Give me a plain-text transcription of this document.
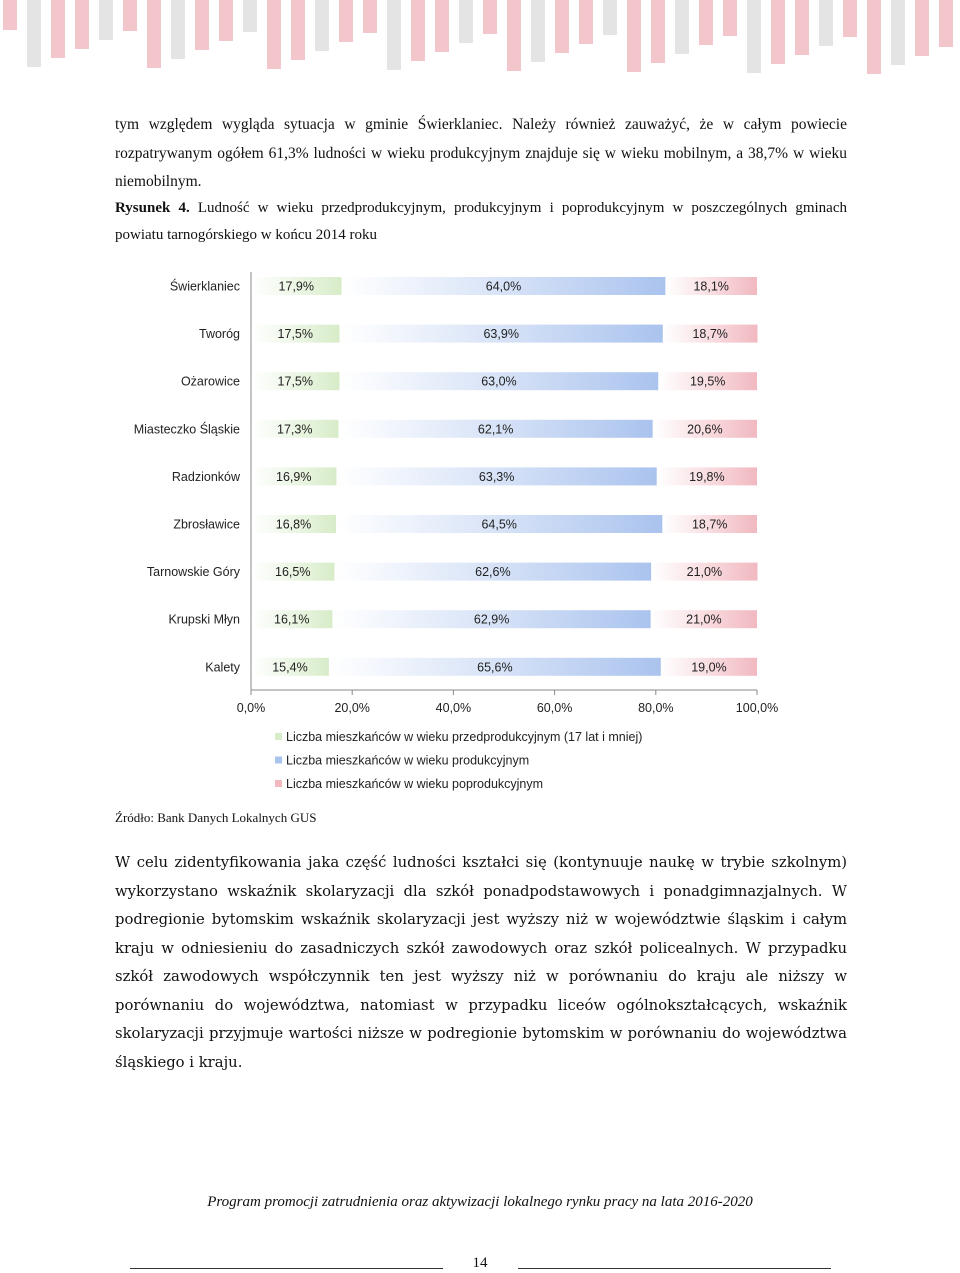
tym względem wygląda sytuacja w gminie Świerklaniec. Należy również zauważyć, że w całym powiecie rozpatrywanym ogółem 61,3% ludności w wieku produkcyjnym znajduje się w wieku mobilnym, a 38,7% w wieku niemobilnym.

Rysunek 4. Ludność w wieku przedprodukcyjnym, produkcyjnym i poprodukcyjnym w poszczególnych gminach powiatu tarnogórskiego w końcu 2014 roku

Świerklaniec	17,9%	64,0%	18,1%
Tworóg	17,5%	63,9%	18,7%
Ożarowice	17,5%	63,0%	19,5%
Miasteczko Śląskie	17,3%	62,1%	20,6%
Radzionków	16,9%	63,3%	19,8%
Zbrosławice	16,8%	64,5%	18,7%
Tarnowskie Góry	16,5%	62,6%	21,0%
Krupski Młyn	16,1%	62,9%	21,0%
Kalety	15,4%	65,6%	19,0%
0,0%	20,0%	40,0%	60,0%	80,0%	100,0%
Liczba mieszkańców w wieku przedprodukcyjnym (17 lat i mniej)
Liczba mieszkańców w wieku produkcyjnym
Liczba mieszkańców w wieku poprodukcyjnym
Źródło: Bank Danych Lokalnych GUS

W celu zidentyfikowania jaka część ludności kształci się (kontynuuje naukę w trybie szkolnym) wykorzystano wskaźnik skolaryzacji dla szkół ponadpodstawowych i ponadgimnazjalnych. W podregionie bytomskim wskaźnik skolaryzacji jest wyższy niż w województwie śląskim i całym kraju w odniesieniu do zasadniczych szkół zawodowych oraz szkół policealnych. W przypadku szkół zawodowych współczynnik ten jest wyższy niż w porównaniu do kraju ale niższy w porównaniu do województwa, natomiast w przypadku liceów ogólnokształcących, wskaźnik skolaryzacji przyjmuje wartości niższe w podregionie bytomskim w porównaniu do województwa śląskiego i kraju.

Program promocji zatrudnienia oraz aktywizacji lokalnego rynku pracy na lata 2016-2020
14
